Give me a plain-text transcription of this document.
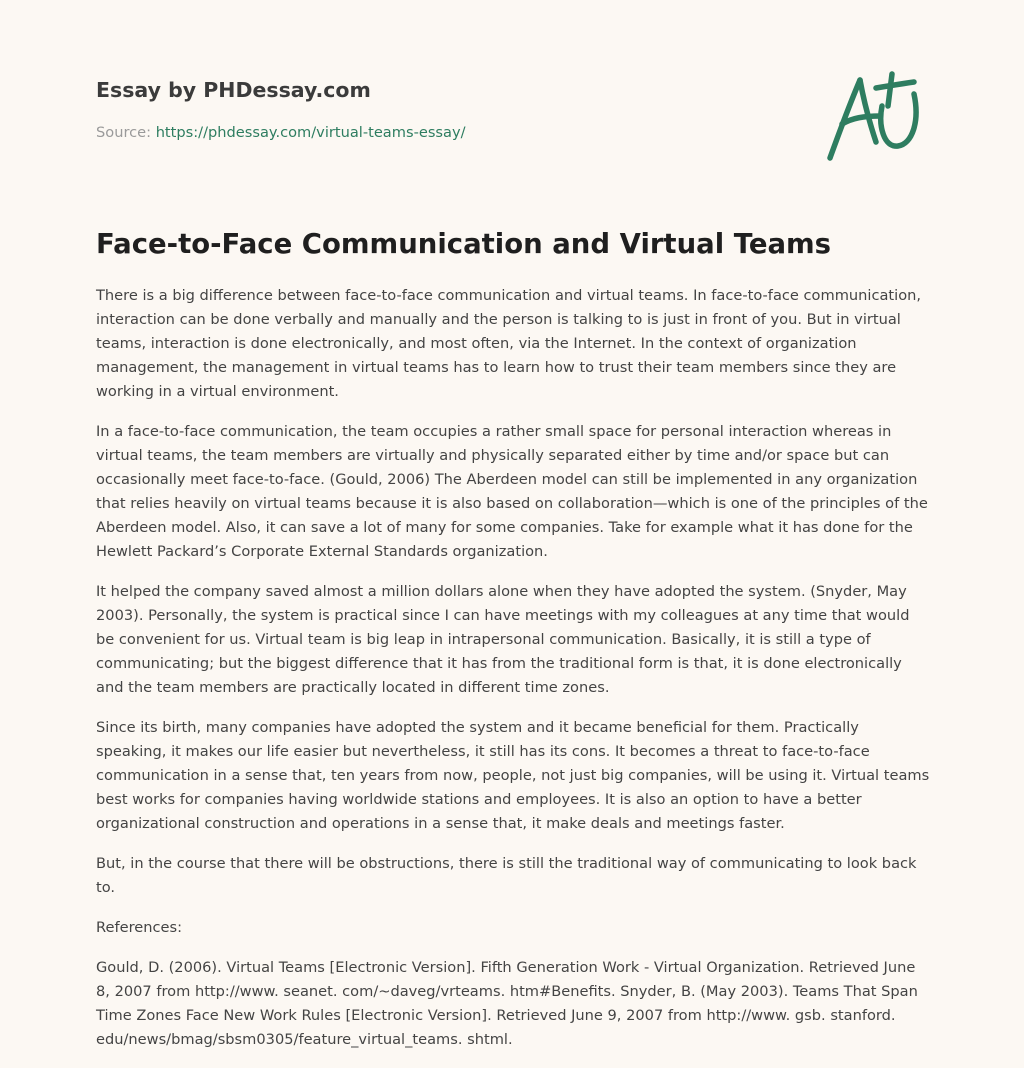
Essay by PHDessay.com
Source: https://phdessay.com/virtual-teams-essay/
Face-to-Face Communication and Virtual Teams

There is a big difference between face-to-face communication and virtual teams. In face-to-face communication, interaction can be done verbally and manually and the person is talking to is just in front of you. But in virtual teams, interaction is done electronically, and most often, via the Internet. In the context of organization management, the management in virtual teams has to learn how to trust their team members since they are working in a virtual environment.

In a face-to-face communication, the team occupies a rather small space for personal interaction whereas in virtual teams, the team members are virtually and physically separated either by time and/or space but can occasionally meet face-to-face. (Gould, 2006) The Aberdeen model can still be implemented in any organization that relies heavily on virtual teams because it is also based on collaboration—which is one of the principles of the Aberdeen model. Also, it can save a lot of many for some companies. Take for example what it has done for the Hewlett Packard’s Corporate External Standards organization.

It helped the company saved almost a million dollars alone when they have adopted the system. (Snyder, May 2003). Personally, the system is practical since I can have meetings with my colleagues at any time that would be convenient for us. Virtual team is big leap in intrapersonal communication. Basically, it is still a type of communicating; but the biggest difference that it has from the traditional form is that, it is done electronically and the team members are practically located in different time zones.

Since its birth, many companies have adopted the system and it became beneficial for them. Practically speaking, it makes our life easier but nevertheless, it still has its cons. It becomes a threat to face-to-face communication in a sense that, ten years from now, people, not just big companies, will be using it. Virtual teams best works for companies having worldwide stations and employees. It is also an option to have a better organizational construction and operations in a sense that, it make deals and meetings faster.

But, in the course that there will be obstructions, there is still the traditional way of communicating to look back to.

References:

Gould, D. (2006). Virtual Teams [Electronic Version]. Fifth Generation Work - Virtual Organization. Retrieved June 8, 2007 from http://www. seanet. com/~daveg/vrteams. htm#Benefits. Snyder, B. (May 2003). Teams That Span Time Zones Face New Work Rules [Electronic Version]. Retrieved June 9, 2007 from http://www. gsb. stanford. edu/news/bmag/sbsm0305/feature_virtual_teams. shtml.
